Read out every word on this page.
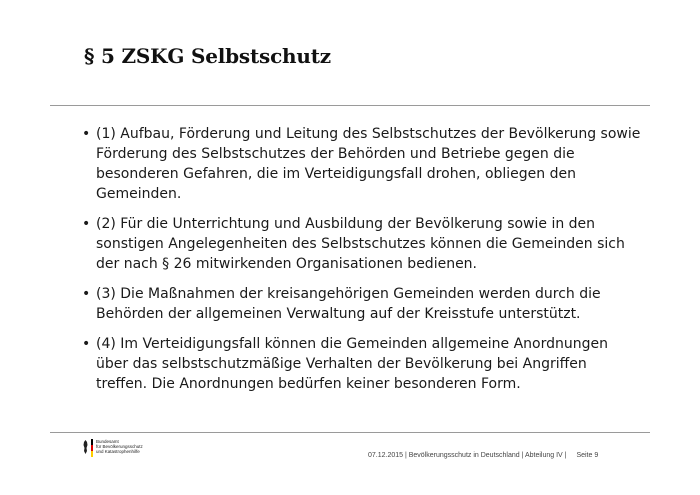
§ 5 ZSKG Selbstschutz
• (1) Aufbau, Förderung und Leitung des Selbstschutzes der Bevölkerung sowie Förderung des Selbstschutzes der Behörden und Betriebe gegen die besonderen Gefahren, die im Verteidigungsfall drohen, obliegen den Gemeinden.
• (2) Für die Unterrichtung und Ausbildung der Bevölkerung sowie in den sonstigen Angelegenheiten des Selbstschutzes können die Gemeinden sich der nach § 26 mitwirkenden Organisationen bedienen.
• (3) Die Maßnahmen der kreisangehörigen Gemeinden werden durch die Behörden der allgemeinen Verwaltung auf der Kreisstufe unterstützt.
• (4) Im Verteidigungsfall können die Gemeinden allgemeine Anordnungen über das selbstschutzmäßige Verhalten der Bevölkerung bei Angriffen treffen. Die Anordnungen bedürfen keiner besonderen Form.
Bundesamt
für Bevölkerungsschutz
und Katastrophenhilfe
07.12.2015 | Bevölkerungsschutz in Deutschland | Abteilung IV | Seite 9
